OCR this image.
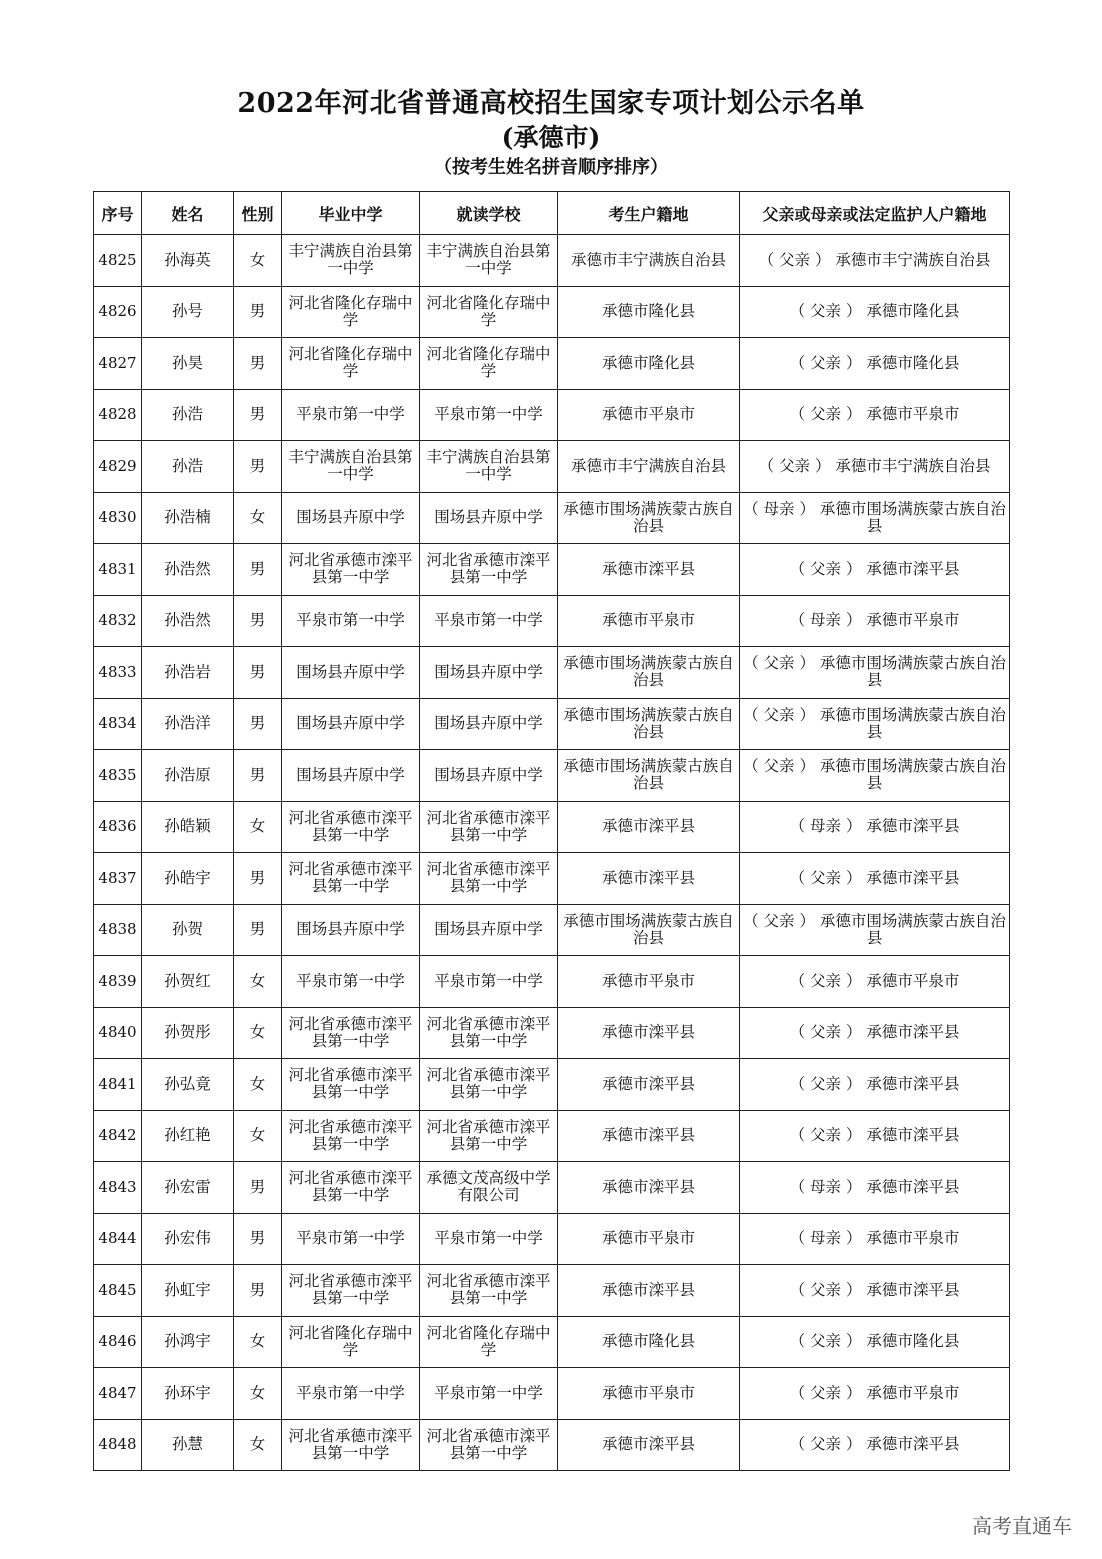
2022年河北省普通高校招生国家专项计划公示名单
(承德市)
（按考生姓名拼音顺序排序）
序号	姓名	性别	毕业中学	就读学校	考生户籍地	父亲或母亲或法定监护人户籍地
4825	孙海英	女	丰宁满族自治县第一中学	丰宁满族自治县第一中学	承德市丰宁满族自治县	（ 父亲 ） 承德市丰宁满族自治县
4826	孙号	男	河北省隆化存瑞中学	河北省隆化存瑞中学	承德市隆化县	（ 父亲 ） 承德市隆化县
4827	孙昊	男	河北省隆化存瑞中学	河北省隆化存瑞中学	承德市隆化县	（ 父亲 ） 承德市隆化县
4828	孙浩	男	平泉市第一中学	平泉市第一中学	承德市平泉市	（ 父亲 ） 承德市平泉市
4829	孙浩	男	丰宁满族自治县第一中学	丰宁满族自治县第一中学	承德市丰宁满族自治县	（ 父亲 ） 承德市丰宁满族自治县
4830	孙浩楠	女	围场县卉原中学	围场县卉原中学	承德市围场满族蒙古族自治县	（ 母亲 ） 承德市围场满族蒙古族自治县
4831	孙浩然	男	河北省承德市滦平县第一中学	河北省承德市滦平县第一中学	承德市滦平县	（ 父亲 ） 承德市滦平县
4832	孙浩然	男	平泉市第一中学	平泉市第一中学	承德市平泉市	（ 母亲 ） 承德市平泉市
4833	孙浩岩	男	围场县卉原中学	围场县卉原中学	承德市围场满族蒙古族自治县	（ 父亲 ） 承德市围场满族蒙古族自治县
4834	孙浩洋	男	围场县卉原中学	围场县卉原中学	承德市围场满族蒙古族自治县	（ 父亲 ） 承德市围场满族蒙古族自治县
4835	孙浩原	男	围场县卉原中学	围场县卉原中学	承德市围场满族蒙古族自治县	（ 父亲 ） 承德市围场满族蒙古族自治县
4836	孙皓颖	女	河北省承德市滦平县第一中学	河北省承德市滦平县第一中学	承德市滦平县	（ 母亲 ） 承德市滦平县
4837	孙皓宇	男	河北省承德市滦平县第一中学	河北省承德市滦平县第一中学	承德市滦平县	（ 父亲 ） 承德市滦平县
4838	孙贺	男	围场县卉原中学	围场县卉原中学	承德市围场满族蒙古族自治县	（ 父亲 ） 承德市围场满族蒙古族自治县
4839	孙贺红	女	平泉市第一中学	平泉市第一中学	承德市平泉市	（ 父亲 ） 承德市平泉市
4840	孙贺彤	女	河北省承德市滦平县第一中学	河北省承德市滦平县第一中学	承德市滦平县	（ 父亲 ） 承德市滦平县
4841	孙弘竟	女	河北省承德市滦平县第一中学	河北省承德市滦平县第一中学	承德市滦平县	（ 父亲 ） 承德市滦平县
4842	孙红艳	女	河北省承德市滦平县第一中学	河北省承德市滦平县第一中学	承德市滦平县	（ 父亲 ） 承德市滦平县
4843	孙宏雷	男	河北省承德市滦平县第一中学	承德文茂高级中学有限公司	承德市滦平县	（ 母亲 ） 承德市滦平县
4844	孙宏伟	男	平泉市第一中学	平泉市第一中学	承德市平泉市	（ 母亲 ） 承德市平泉市
4845	孙虹宇	男	河北省承德市滦平县第一中学	河北省承德市滦平县第一中学	承德市滦平县	（ 父亲 ） 承德市滦平县
4846	孙鸿宇	女	河北省隆化存瑞中学	河北省隆化存瑞中学	承德市隆化县	（ 父亲 ） 承德市隆化县
4847	孙环宇	女	平泉市第一中学	平泉市第一中学	承德市平泉市	（ 父亲 ） 承德市平泉市
4848	孙慧	女	河北省承德市滦平县第一中学	河北省承德市滦平县第一中学	承德市滦平县	（ 父亲 ） 承德市滦平县
高考直通车
